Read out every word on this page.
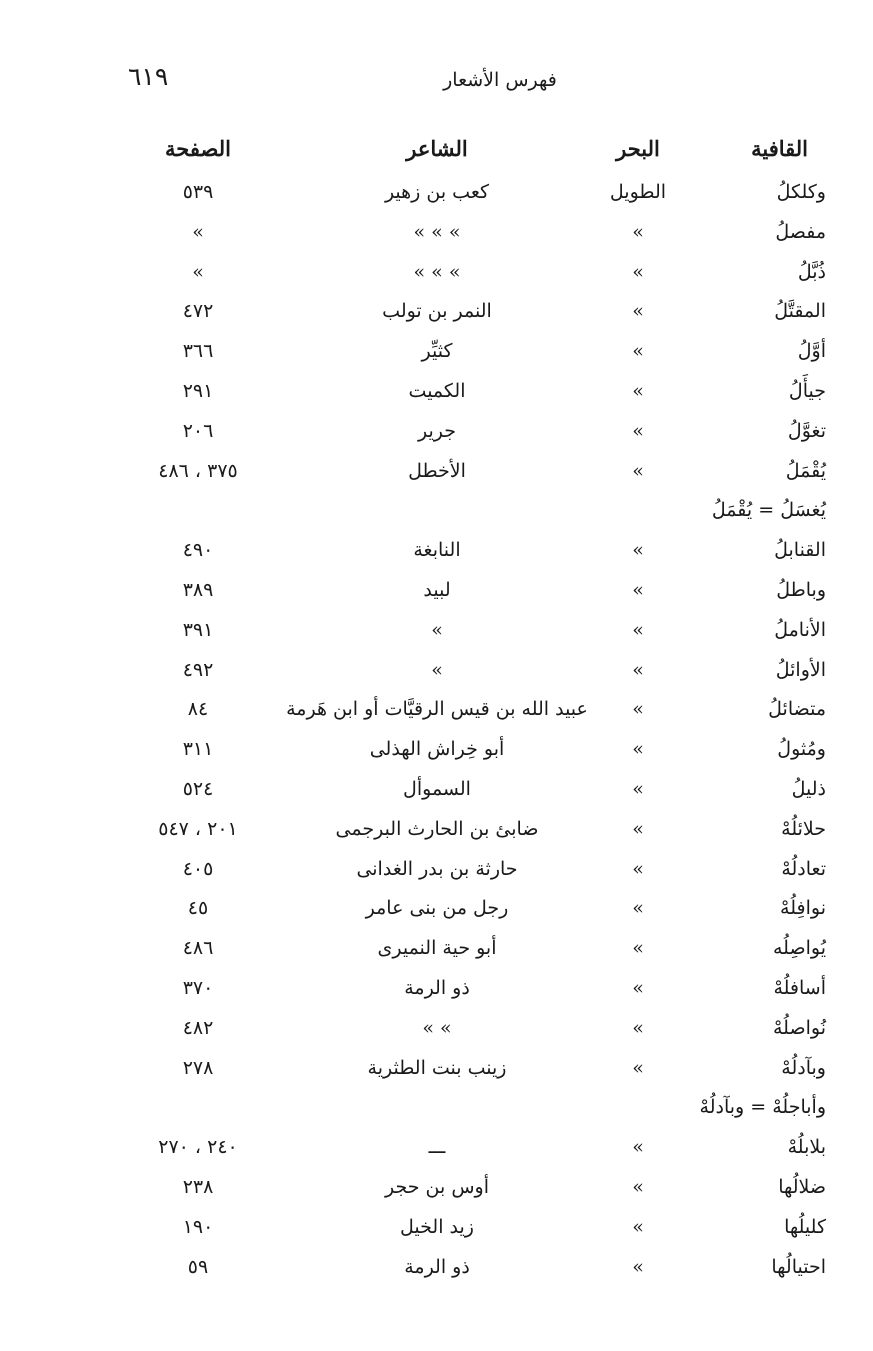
٦١٩	فهرس الأشعار
القافية
البحر
الشاعر
الصفحة
وكلكلُ
الطويل
كعب بن زهير
٥٣٩
مفصلُ
»
» » »
»
ذُبَّلُ
»
» » »
»
المقتَّلُ
»
النمر بن تولب
٤٧٢
أوَّلُ
»
كثيِّر
٣٦٦
جيأَلُ
»
الكميت
٢٩١
تغوَّلُ
»
جرير
٢٠٦
يُقْمَلُ
»
الأخطل
٣٧٥ ، ٤٨٦
يُغسَلُ = يُقْمَلُ
القنابلُ
»
النابغة
٤٩٠
وباطلُ
»
لبيد
٣٨٩
الأناملُ
»
»
٣٩١
الأوائلُ
»
»
٤٩٢
متضائلُ
»
عبيد الله بن قيس الرقيَّات أو ابن هَرمة
٨٤
ومُثولُ
»
أبو خِراش الهذلى
٣١١
ذليلُ
»
السموأل
٥٢٤
حلائلُهْ
»
ضابئ بن الحارث البرجمى
٢٠١ ، ٥٤٧
تعادلُهْ
»
حارثة بن بدر الغدانى
٤٠٥
نوافِلُهْ
»
رجل من بنى عامر
٤٥
يُواصِلُه
»
أبو حية النميرى
٤٨٦
أسافلُهْ
»
ذو الرمة
٣٧٠
نُواصلُهْ
»
» »
٤٨٢
وبآدلُهْ
»
زينب بنت الطثرية
٢٧٨
وأباجلُهْ = وبآدلُهْ
بلابلُهْ
»
ـــ
٢٤٠ ، ٢٧٠
ضلالُها
»
أوس بن حجر
٢٣٨
كليلُها
»
زيد الخيل
١٩٠
احتيالُها
»
ذو الرمة
٥٩
